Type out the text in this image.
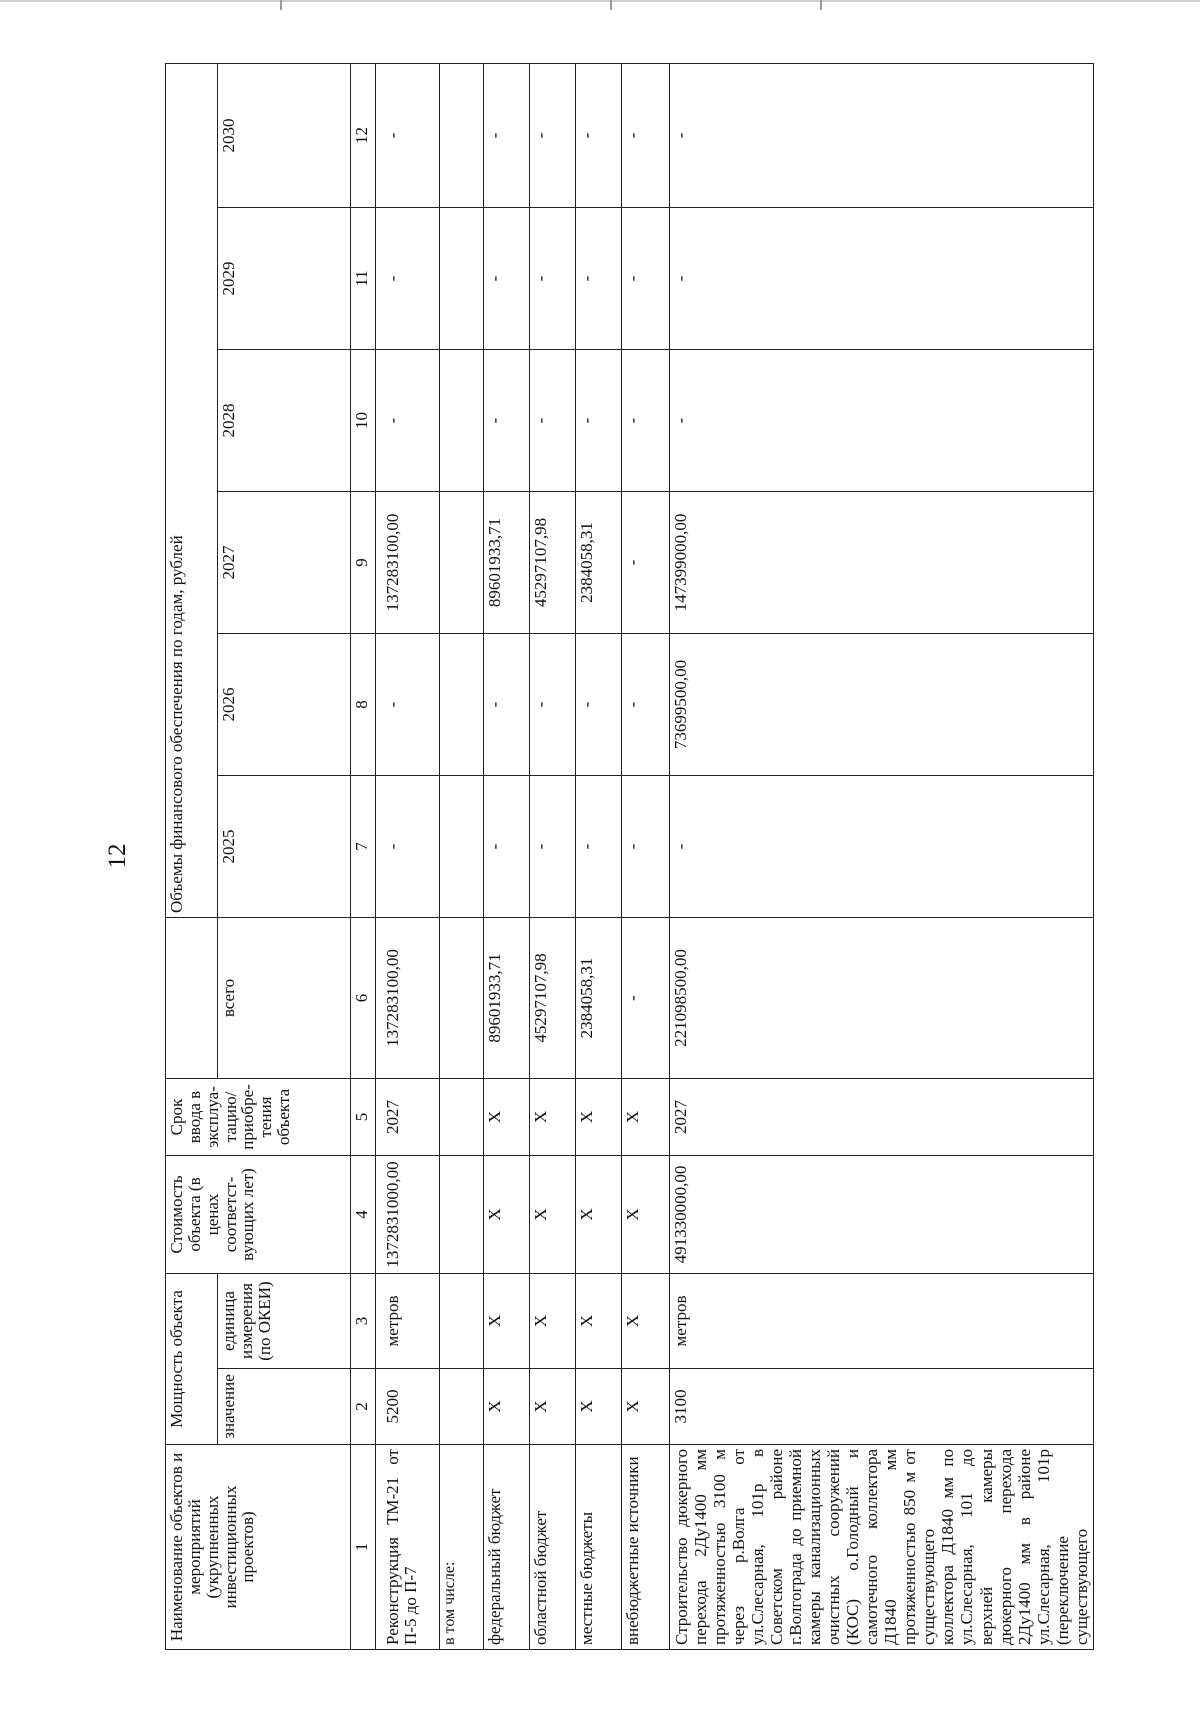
12
Наименование объектов и мероприятий (укрупненных инвестиционных проектов)	Мощность объекта		Стоимость объекта (в ценах соответст-вующих лет)	Срок ввода в эксплуа-тацию/ приобре-тения объекта		Объемы финансового обеспечения по годам, рублей					
	значение	единица измерения (по ОКЕИ)			всего	2025	2026	2027	2028	2029	2030
1	2	3	4	5	6	7	8	9	10	11	12
Реконструкция ТМ-21 от П-5 до П-7	5200	метров	1372831000,00	2027	137283100,00	-	-	137283100,00	-	-	-
в том числе:											
федеральный бюджет	X	X	X	X	89601933,71	-	-	89601933,71	-	-	-
областной бюджет	X	X	X	X	45297107,98	-	-	45297107,98	-	-	-
местные бюджеты	X	X	X	X	2384058,31	-	-	2384058,31	-	-	-
внебюджетные источники	X	X	X	X	-	-	-	-	-	-	-
Строительство дюкерного перехода 2Ду1400 мм протяженностью 3100 м через р.Волга от ул.Слесарная, 101р в Советском районе г.Волгограда до приемной камеры канализационных очистных сооружений (КОС) о.Голодный и самотечного коллектора Д1840 мм протяженностью 850 м от существующего коллектора Д1840 мм по ул.Слесарная, 101 до верхней камеры дюкерного перехода 2Ду1400 мм в районе ул.Слесарная, 101р (переключение существующего	3100	метров	491330000,00	2027	221098500,00	-	73699500,00	147399000,00	-	-	-
